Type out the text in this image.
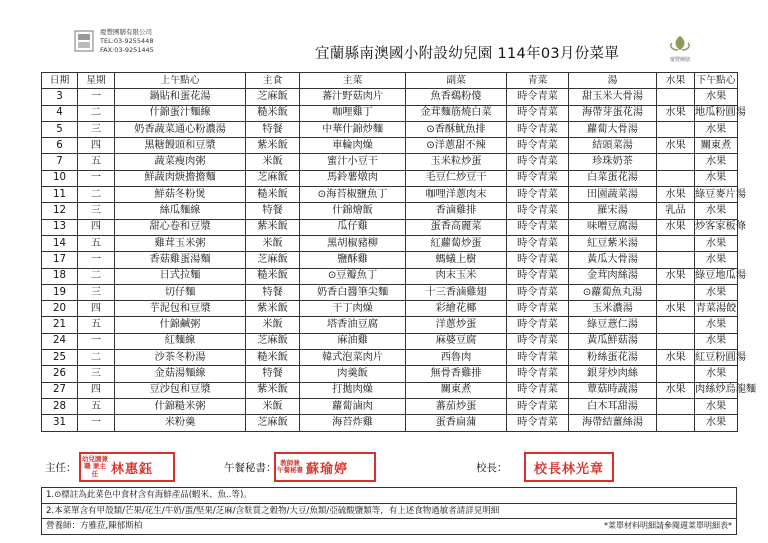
慶豐團膳有限公司
TEL:03-9255448
FAX:03-9251445	宜蘭縣南澳國小附設幼兒園 114年03月份菜單	慶豐團膳
日期	星期	上午點心	主食	主菜	副菜	青菜	湯	水果	下午點心
3	一	鍋貼和蛋花湯	芝麻飯	蕃汁野菇肉片	魚香鷄粉傻	時令青菜	甜玉米大骨湯		水果
4	二	什錦蛋汁麵線	糙米飯	咖哩雞丁	金茸麵筋燒白菜	時令青菜	海帶芽蛋花湯	水果	地瓜粉圓湯
5	三	奶香蔬菜通心粉濃湯	特餐	中華什錦炒麵	⊙香酥魷魚排	時令青菜	蘿蔔大骨湯		水果
6	四	黑糖饅頭和豆漿	紫米飯	車輪肉燥	⊙洋蔥甜不辣	時令青菜	結頭菜湯	水果	關東煮
7	五	蔬菜瘦肉粥	米飯	蜜汁小豆干	玉米粒炒蛋	時令青菜	珍珠奶茶		水果
10	一	鮮蔬肉焿擔擔麵	芝麻飯	馬鈴薯燉肉	毛豆仁炒豆干	時令青菜	白菜蛋花湯		水果
11	二	鮮菇冬粉煲	糙米飯	⊙海苔椒鹽魚丁	咖哩洋蔥肉末	時令青菜	田園蔬菜湯	水果	綠豆麥片湯
12	三	絲瓜麵線	特餐	什錦燴飯	香滷雞排	時令青菜	羅宋湯	乳品	水果
13	四	甜心卷和豆漿	紫米飯	瓜仔雞	蛋香高麗菜	時令青菜	味噌豆腐湯	水果	炒客家板條
14	五	雞茸玉米粥	米飯	黑胡椒豬柳	紅蘿蔔炒蛋	時令青菜	紅豆紫米湯		水果
17	一	香菇雞蛋湯麵	芝麻飯	鹽酥雞	螞蟻上樹	時令青菜	黃瓜大骨湯		水果
18	二	日式拉麵	糙米飯	⊙豆瓣魚丁	肉末玉米	時令青菜	金茸肉絲湯	水果	綠豆地瓜湯
19	三	切仔麵	特餐	奶香白醬筆尖麵	十三香滷雞翅	時令青菜	⊙蘿蔔魚丸湯		水果
20	四	芋泥包和豆漿	紫米飯	干丁肉燥	彩繪花椰	時令青菜	玉米濃湯	水果	青菜湯餃
21	五	什錦鹹粥	米飯	塔香油豆腐	洋蔥炒蛋	時令青菜	綠豆薏仁湯		水果
24	一	紅麵線	芝麻飯	麻油雞	麻婆豆腐	時令青菜	黃瓜鮮菇湯		水果
25	二	沙茶冬粉湯	糙米飯	韓式泡菜肉片	西魯肉	時令青菜	粉絲蛋花湯	水果	紅豆粉圓湯
26	三	金菇湯麵線	特餐	肉羹飯	無骨香雞排	時令青菜	銀芽炒肉絲		水果
27	四	豆沙包和豆漿	紫米飯	打拋肉燥	關東煮	時令青菜	蕈菇時蔬湯	水果	肉絲炒烏龍麵
28	五	什錦糙米粥	米飯	蘿蔔滷肉	蕃茄炒蛋	時令青菜	白木耳甜湯		水果
31	一	米粉羹	芝麻飯	海苔炸雞	蛋香扁蒲	時令青菜	海帶結薑絲湯		水果
主任：
幼兒園兼職 兼主任 林惠鈺	午餐秘書： 教師兼 午餐秘書 蘇瑜婷	校長： 校長林光章
1.⊙標註為此菜色中食材含有海鮮產品(蝦米、魚..等)。
2.本菜單含有甲殼類/芒果/花生/牛奶/蛋/堅果/芝麻/含麩質之穀物/大豆/魚類/亞硫酸鹽類等，有上述食物過敏者請詳見明細
營養師：方雅菈,陳郁斯柏	*菜單材料明細請參閱週菜單明細表*
